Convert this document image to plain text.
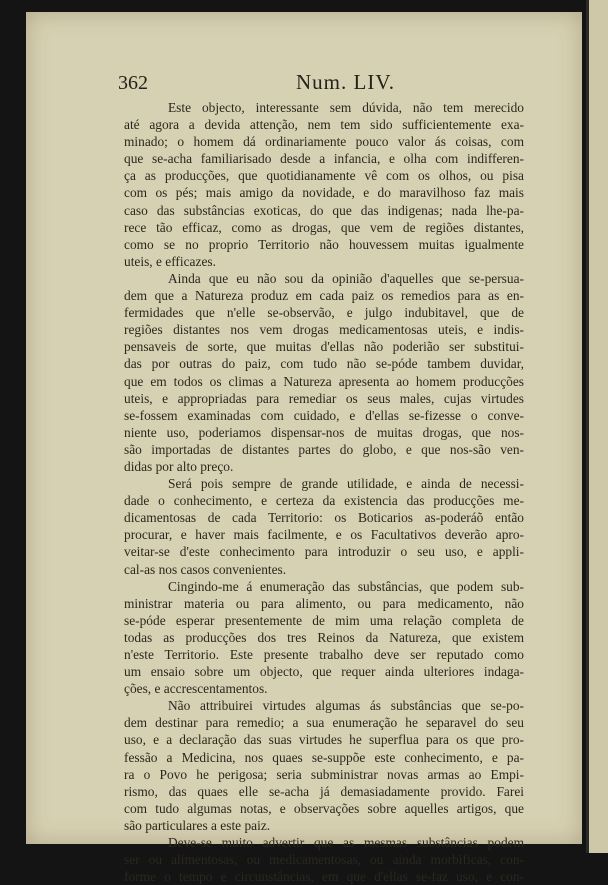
362	Num. LIV.
Este objecto, interessante sem dúvida, não tem merecido
até agora a devida attenção, nem tem sido sufficientemente exa-
minado; o homem dá ordinariamente pouco valor ás coisas, com
que se-acha familiarisado desde a infancia, e olha com indifferen-
ça as producções, que quotidianamente vê com os olhos, ou pisa
com os pés; mais amigo da novidade, e do maravilhoso faz mais
caso das substâncias exoticas, do que das indigenas; nada lhe-pa-
rece tão efficaz, como as drogas, que vem de regiões distantes,
como se no proprio Territorio não houvessem muitas igualmente
uteis, e efficazes.
Ainda que eu não sou da opinião d'aquelles que se-persua-
dem que a Natureza produz em cada paiz os remedios para as en-
fermidades que n'elle se-observão, e julgo indubitavel, que de
regiões distantes nos vem drogas medicamentosas uteis, e indis-
pensaveis de sorte, que muitas d'ellas não poderião ser substitui-
das por outras do paiz, com tudo não se-póde tambem duvidar,
que em todos os climas a Natureza apresenta ao homem producções
uteis, e appropriadas para remediar os seus males, cujas virtudes
se-fossem examinadas com cuidado, e d'ellas se-fizesse o conve-
niente uso, poderiamos dispensar-nos de muitas drogas, que nos-
são importadas de distantes partes do globo, e que nos-são ven-
didas por alto preço.
Será pois sempre de grande utilidade, e ainda de necessi-
dade o conhecimento, e certeza da existencia das producções me-
dicamentosas de cada Territorio: os Boticarios as-poderáõ então
procurar, e haver mais facilmente, e os Facultativos deverão apro-
veitar-se d'este conhecimento para introduzir o seu uso, e appli-
cal-as nos casos convenientes.
Cingindo-me á enumeração das substâncias, que podem sub-
ministrar materia ou para alimento, ou para medicamento, não
se-póde esperar presentemente de mim uma relação completa de
todas as producções dos tres Reinos da Natureza, que existem
n'este Territorio. Este presente trabalho deve ser reputado como
um ensaio sobre um objecto, que requer ainda ulteriores indaga-
ções, e accrescentamentos.
Não attribuirei virtudes algumas ás substâncias que se-po-
dem destinar para remedio; a sua enumeração he separavel do seu
uso, e a declaração das suas virtudes he superflua para os que pro-
fessão a Medicina, nos quaes se-suppõe este conhecimento, e pa-
ra o Povo he perigosa; seria subministrar novas armas ao Empi-
rismo, das quaes elle se-acha já demasiadamente provido. Farei
com tudo algumas notas, e observações sobre aquelles artigos, que
são particulares a este paiz.
Deve-se muito advertir que as mesmas substâncias podem
ser ou alimentosas, ou medicamentosas, ou ainda morbificas, con-
forme o tempo e circunstâncias, em que d'ellas se-faz uso, e con-
